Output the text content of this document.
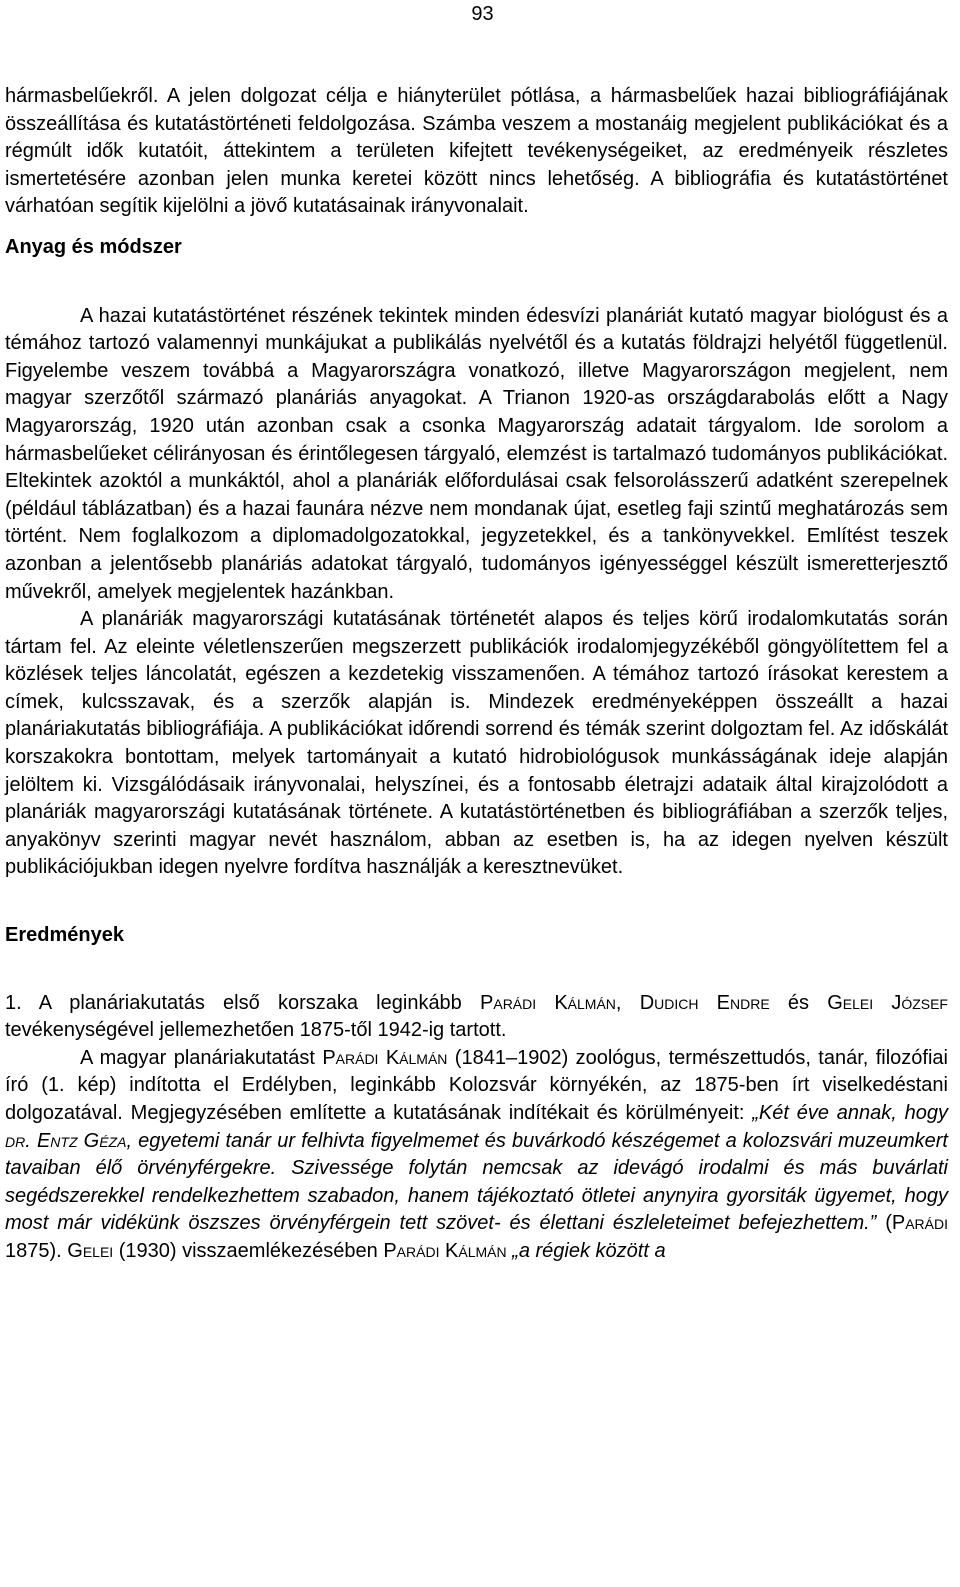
93

hármasbelűekről. A jelen dolgozat célja e hiányterület pótlása, a hármasbelűek hazai bibliográfiájának összeállítása és kutatástörténeti feldolgozása. Számba veszem a mostanáig megjelent publikációkat és a régmúlt idők kutatóit, áttekintem a területen kifejtett tevékenységeiket, az eredményeik részletes ismertetésére azonban jelen munka keretei között nincs lehetőség. A bibliográfia és kutatástörténet várhatóan segítik kijelölni a jövő kutatásainak irányvonalait.

Anyag és módszer

A hazai kutatástörténet részének tekintek minden édesvízi planáriát kutató magyar biológust és a témához tartozó valamennyi munkájukat a publikálás nyelvétől és a kutatás földrajzi helyétől függetlenül. Figyelembe veszem továbbá a Magyarországra vonatkozó, illetve Magyarországon megjelent, nem magyar szerzőtől származó planáriás anyagokat. A Trianon 1920-as országdarabolás előtt a Nagy Magyarország, 1920 után azonban csak a csonka Magyarország adatait tárgyalom. Ide sorolom a hármasbelűeket célirányosan és érintőlegesen tárgyaló, elemzést is tartalmazó tudományos publikációkat. Eltekintek azoktól a munkáktól, ahol a planáriák előfordulásai csak felsorolásszerű adatként szerepelnek (például táblázatban) és a hazai faunára nézve nem mondanak újat, esetleg faji szintű meghatározás sem történt. Nem foglalkozom a diplomadolgozatokkal, jegyzetekkel, és a tankönyvekkel. Említést teszek azonban a jelentősebb planáriás adatokat tárgyaló, tudományos igényességgel készült ismeretterjesztő művekről, amelyek megjelentek hazánkban.

A planáriák magyarországi kutatásának történetét alapos és teljes körű irodalomkutatás során tártam fel. Az eleinte véletlenszerűen megszerzett publikációk irodalomjegyzékéből göngyölítettem fel a közlések teljes láncolatát, egészen a kezdetekig visszamenően. A témához tartozó írásokat kerestem a címek, kulcsszavak, és a szerzők alapján is. Mindezek eredményeképpen összeállt a hazai planáriakutatás bibliográfiája. A publikációkat időrendi sorrend és témák szerint dolgoztam fel. Az időskálát korszakokra bontottam, melyek tartományait a kutató hidrobiológusok munkásságának ideje alapján jelöltem ki. Vizsgálódásaik irányvonalai, helyszínei, és a fontosabb életrajzi adataik által kirajzolódott a planáriák magyarországi kutatásának története. A kutatástörténetben és bibliográfiában a szerzők teljes, anyakönyv szerinti magyar nevét használom, abban az esetben is, ha az idegen nyelven készült publikációjukban idegen nyelvre fordítva használják a keresztnevüket.

Eredmények

1. A planáriakutatás első korszaka leginkább Parádi Kálmán, Dudich Endre és Gelei József tevékenységével jellemezhetően 1875-től 1942-ig tartott.

A magyar planáriakutatást Parádi Kálmán (1841–1902) zoológus, természettudós, tanár, filozófiai író (1. kép) indította el Erdélyben, leginkább Kolozsvár környékén, az 1875-ben írt viselkedéstani dolgozatával. Megjegyzésében említette a kutatásának indítékait és körülményeit: „Két éve annak, hogy dr. Entz Géza, egyetemi tanár ur felhivta figyelmemet és buvárkodó készégemet a kolozsvári muzeumkert tavaiban élő örvényférgekre. Szivessége folytán nemcsak az idevágó irodalmi és más buvárlati segédszerekkel rendelkezhettem szabadon, hanem tájékoztató ötletei anynyira gyorsiták ügyemet, hogy most már vidékünk öszszes örvényférgein tett szövet- és élettani észleleteimet befejezhettem.” (Parádi 1875). Gelei (1930) visszaemlékezésében Parádi Kálmán „a régiek között a
